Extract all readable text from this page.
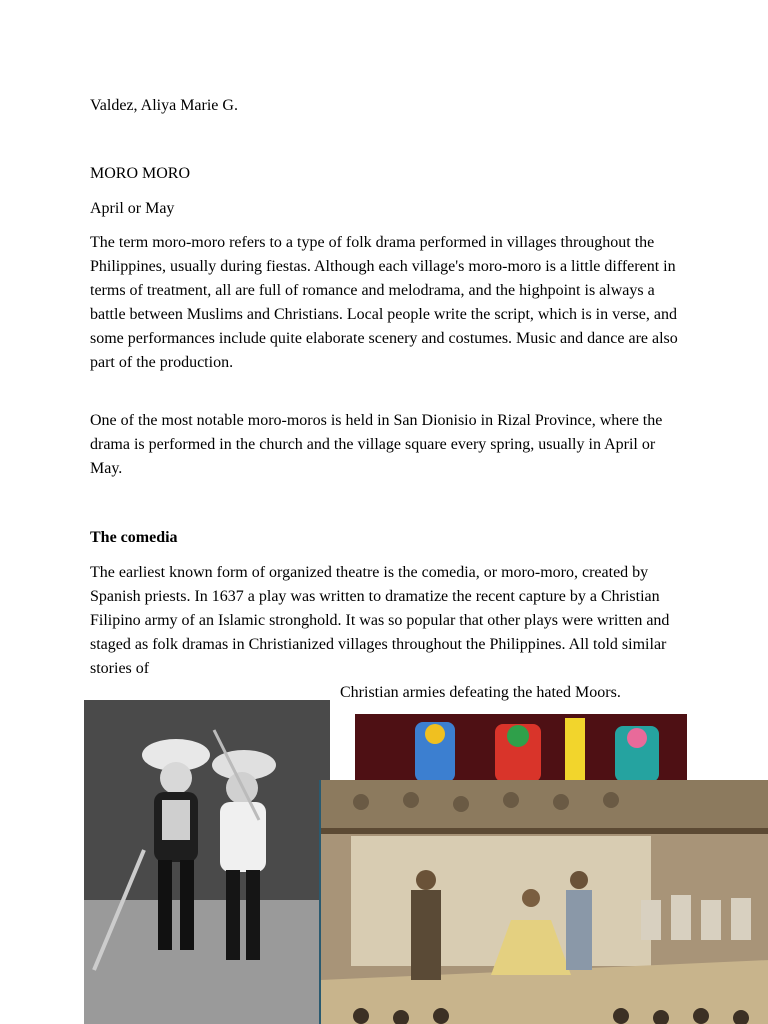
Valdez, Aliya Marie G.
MORO MORO
April or May

The term moro-moro refers to a type of folk drama performed in villages throughout the Philippines, usually during fiestas. Although each village's moro-moro is a little different in terms of treatment, all are full of romance and melodrama, and the highpoint is always a battle between Muslims and Christians. Local people write the script, which is in verse, and some performances include quite elaborate scenery and costumes. Music and dance are also part of the production.

One of the most notable moro-moros is held in San Dionisio in Rizal Province, where the drama is performed in the church and the village square every spring, usually in April or May.

The comedia

The earliest known form of organized theatre is the comedia, or moro-moro, created by Spanish priests. In 1637 a play was written to dramatize the recent capture by a Christian Filipino army of an Islamic stronghold. It was so popular that other plays were written and staged as folk dramas in Christianized villages throughout the Philippines. All told similar stories of

Christian armies defeating the hated Moors.
